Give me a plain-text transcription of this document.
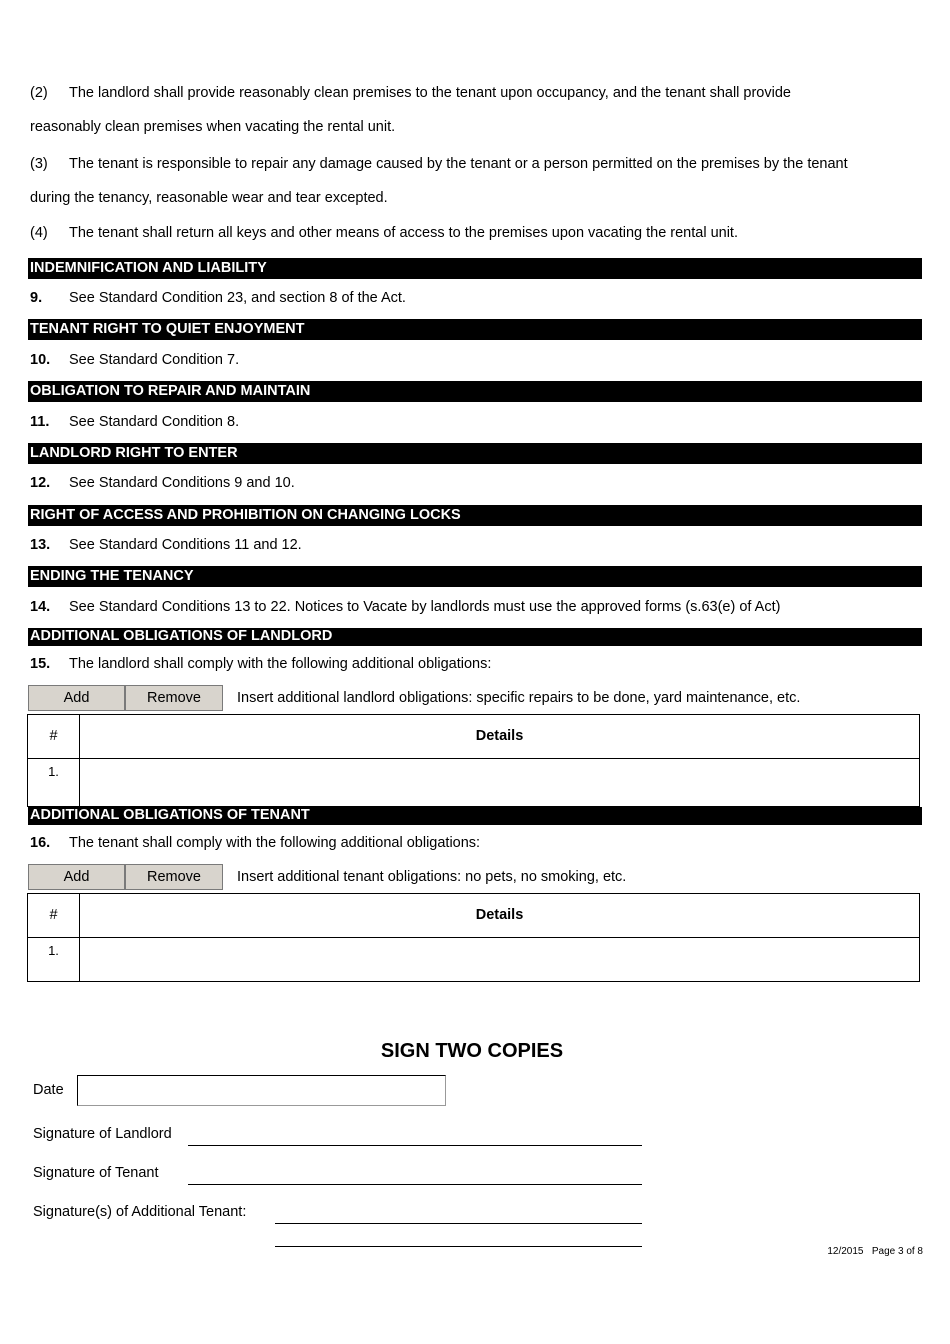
(2) The landlord shall provide reasonably clean premises to the tenant upon occupancy, and the tenant shall provide
reasonably clean premises when vacating the rental unit.
(3) The tenant is responsible to repair any damage caused by the tenant or a person permitted on the premises by the tenant
during the tenancy, reasonable wear and tear excepted.
(4) The tenant shall return all keys and other means of access to the premises upon vacating the rental unit.
INDEMNIFICATION AND LIABILITY
9. See Standard Condition 23, and section 8 of the Act.
TENANT RIGHT TO QUIET ENJOYMENT
10. See Standard Condition 7.
OBLIGATION TO REPAIR AND MAINTAIN
11. See Standard Condition 8.
LANDLORD RIGHT TO ENTER
12. See Standard Conditions 9 and 10.
RIGHT OF ACCESS AND PROHIBITION ON CHANGING LOCKS
13. See Standard Conditions 11 and 12.
ENDING THE TENANCY
14. See Standard Conditions 13 to 22. Notices to Vacate by landlords must use the approved forms (s.63(e) of Act)
ADDITIONAL OBLIGATIONS OF LANDLORD
15. The landlord shall comply with the following additional obligations:
Add	Remove	Insert additional landlord obligations: specific repairs to be done, yard maintenance, etc.
#	Details
1.
ADDITIONAL OBLIGATIONS OF TENANT
16. The tenant shall comply with the following additional obligations:
Add	Remove	Insert additional tenant obligations: no pets, no smoking, etc.
#	Details
1.
SIGN TWO COPIES
Date
Signature of Landlord
Signature of Tenant
Signature(s) of Additional Tenant:
12/2015 Page 3 of 8
